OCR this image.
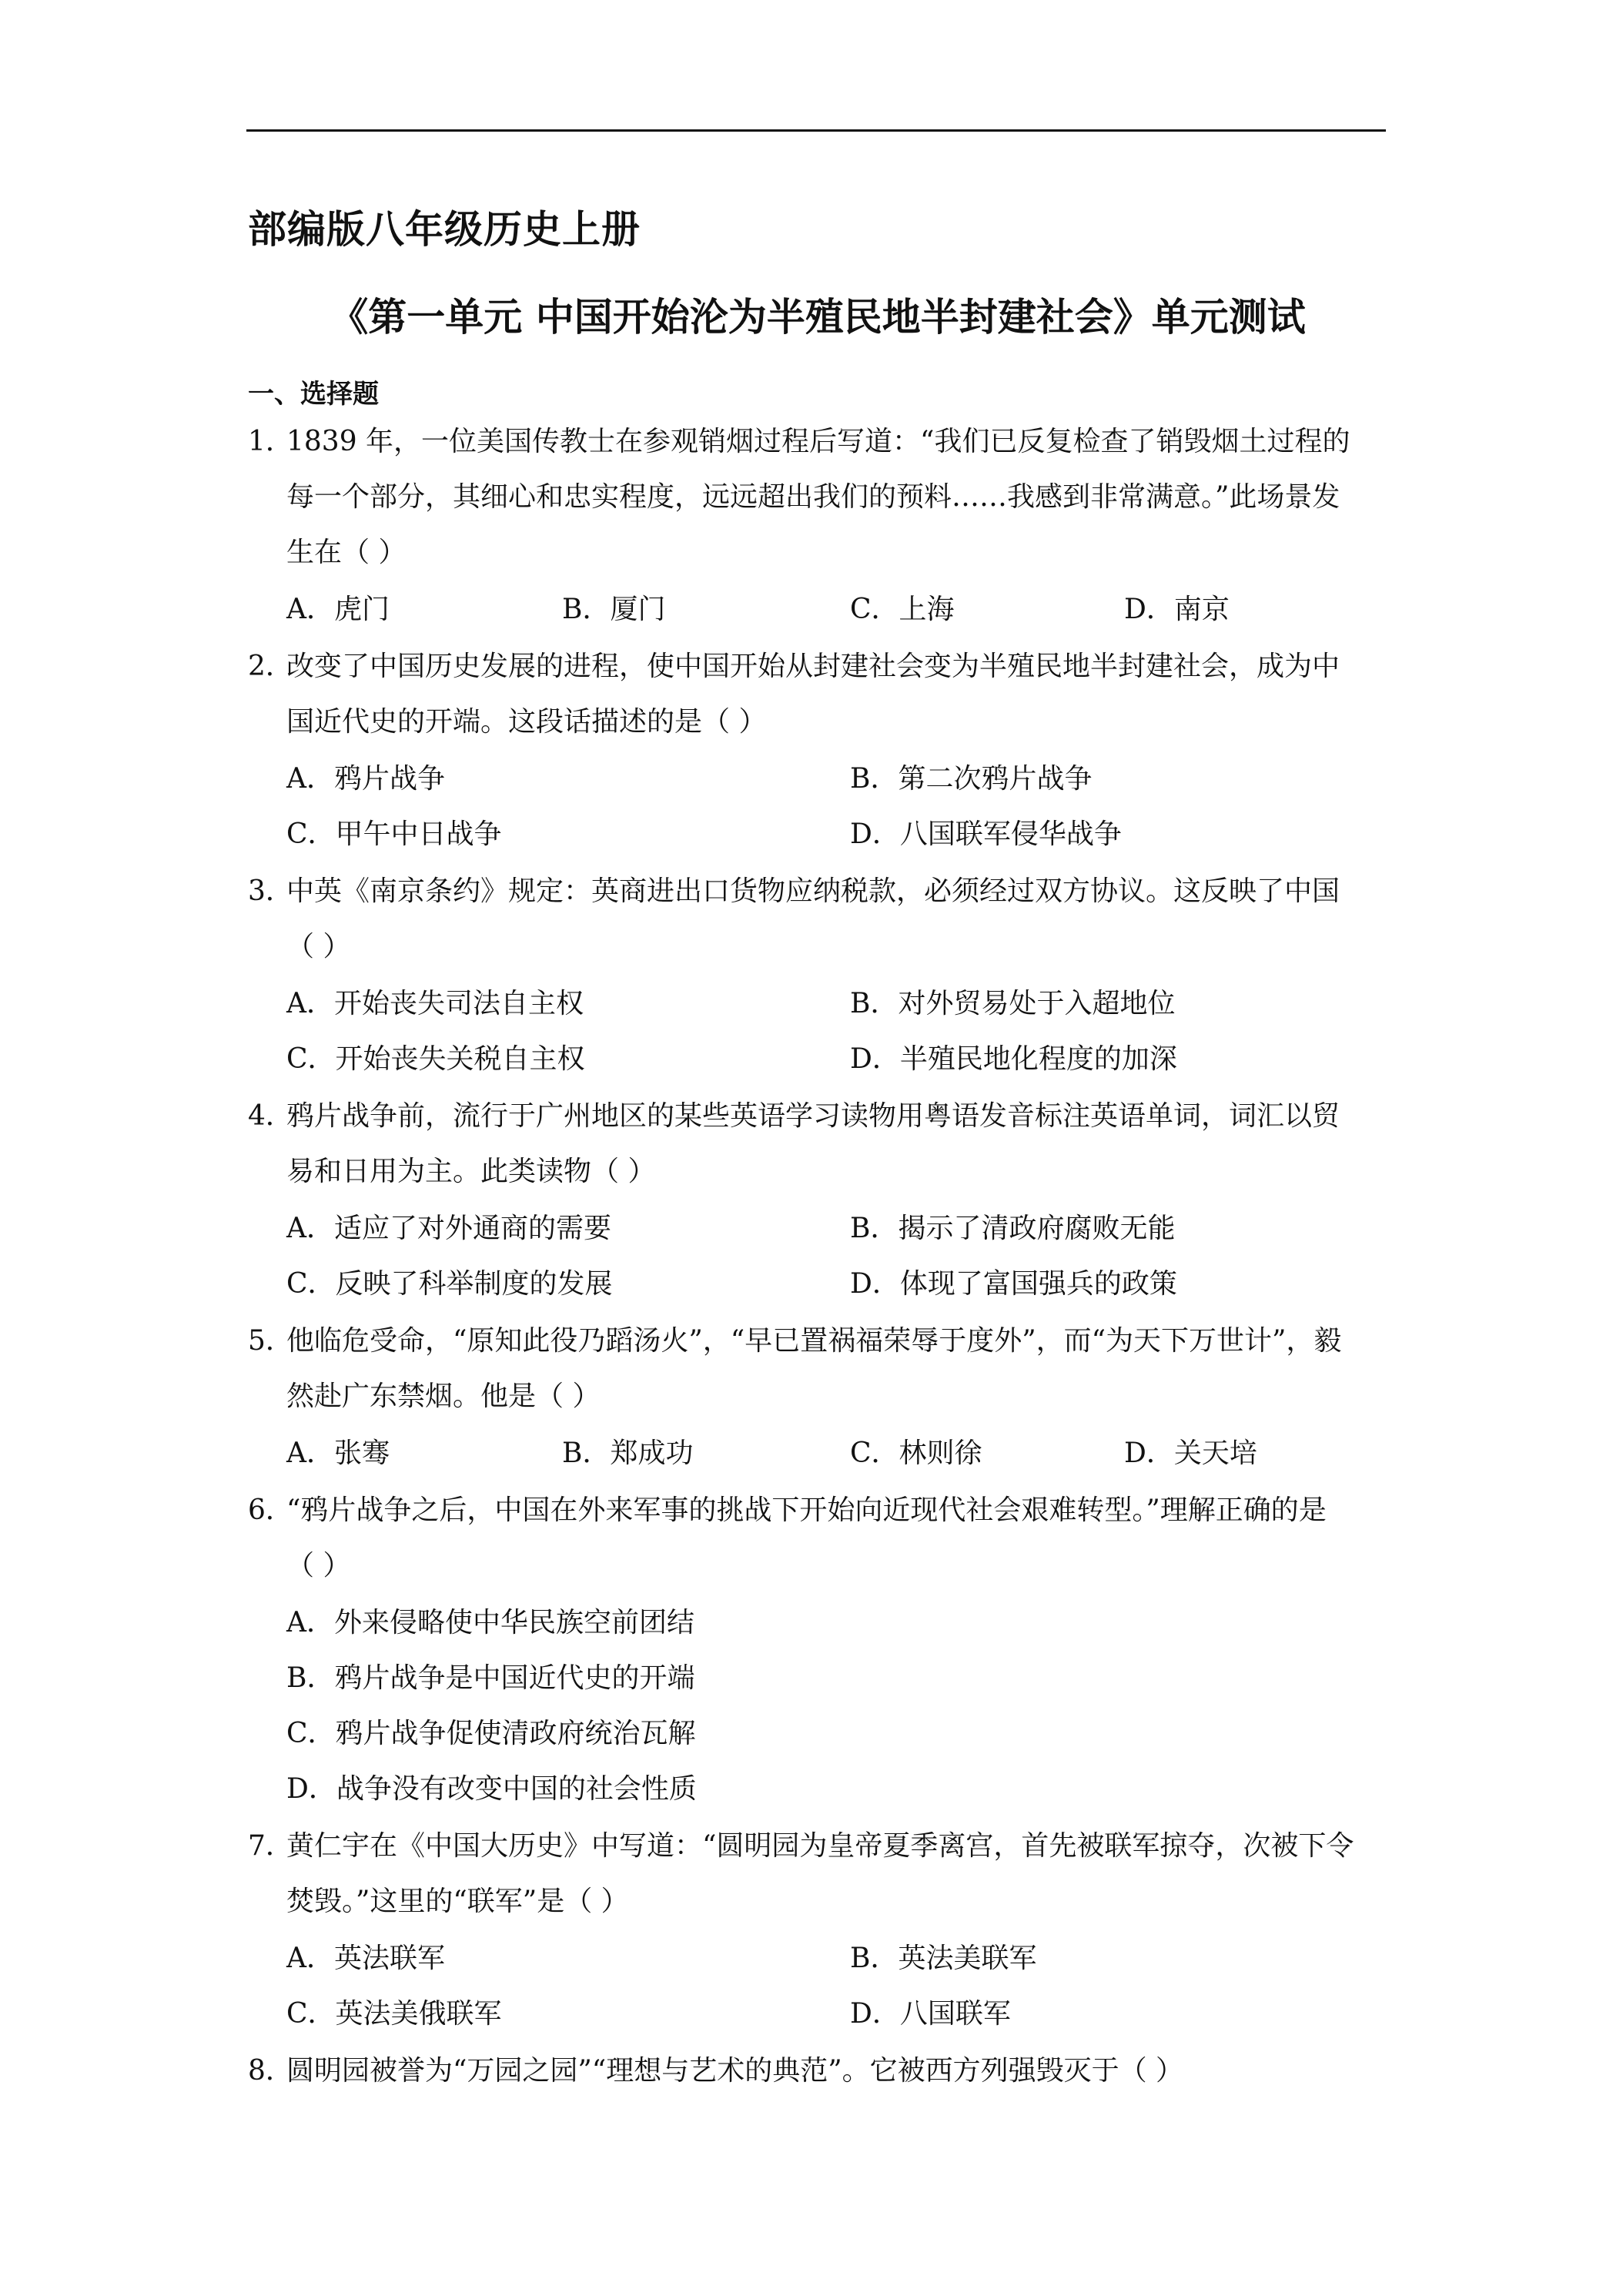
部编版八年级历史上册
《第一单元 中国开始沦为半殖民地半封建社会》单元测试
一、选择题
1．
1839 年，一位美国传教士在参观销烟过程后写道：“我们已反复检查了销毁烟土过程的
每一个部分，其细心和忠实程度，远远超出我们的预料……我感到非常满意。”此场景发
生在（ ）
A．虎门	B．厦门	C．上海	D．南京
2．
改变了中国历史发展的进程，使中国开始从封建社会变为半殖民地半封建社会，成为中
国近代史的开端。这段话描述的是（ ）
A．鸦片战争	B．第二次鸦片战争
C．甲午中日战争	D．八国联军侵华战争
3．
中英《南京条约》规定：英商进出口货物应纳税款，必须经过双方协议。这反映了中国
（ ）
A．开始丧失司法自主权	B．对外贸易处于入超地位
C．开始丧失关税自主权	D．半殖民地化程度的加深
4．
鸦片战争前，流行于广州地区的某些英语学习读物用粤语发音标注英语单词，词汇以贸
易和日用为主。此类读物（ ）
A．适应了对外通商的需要	B．揭示了清政府腐败无能
C．反映了科举制度的发展	D．体现了富国强兵的政策
5．
他临危受命，“原知此役乃蹈汤火”，“早已置祸福荣辱于度外”，而“为天下万世计”，毅
然赴广东禁烟。他是（ ）
A．张骞	B．郑成功	C．林则徐	D．关天培
6．
“鸦片战争之后，中国在外来军事的挑战下开始向近现代社会艰难转型。”理解正确的是
（ ）
A．外来侵略使中华民族空前团结
B．鸦片战争是中国近代史的开端
C．鸦片战争促使清政府统治瓦解
D．战争没有改变中国的社会性质
7．
黄仁宇在《中国大历史》中写道：“圆明园为皇帝夏季离宫，首先被联军掠夺，次被下令
焚毁。”这里的“联军”是（ ）
A．英法联军	B．英法美联军
C．英法美俄联军	D．八国联军
8．
圆明园被誉为“万园之园”“理想与艺术的典范”。它被西方列强毁灭于（ ）
